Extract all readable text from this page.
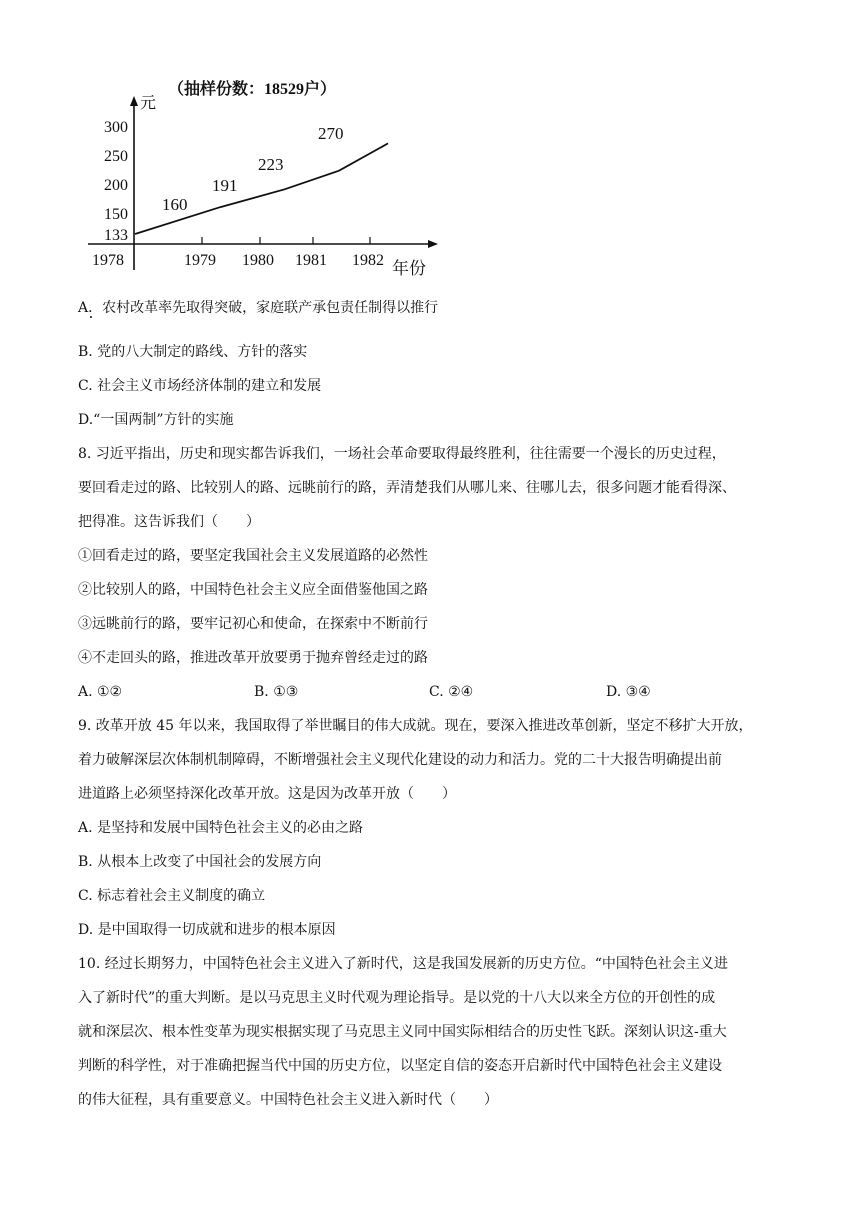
（抽样份数：18529户）
元
年份
300
250
200
150
133
1978	1979 1980 1981 1982
160
191
223
270
A．农村改革率先取得突破，家庭联产承包责任制得以推行
B. 党的八大制定的路线、方针的落实
C. 社会主义市场经济体制的建立和发展
D.“一国两制”方针的实施
8. 习近平指出，历史和现实都告诉我们，一场社会革命要取得最终胜利，往往需要一个漫长的历史过程，
要回看走过的路、比较别人的路、远眺前行的路，弄清楚我们从哪儿来、往哪儿去，很多问题才能看得深、
把得准。这告诉我们（　　）
①回看走过的路，要坚定我国社会主义发展道路的必然性
②比较别人的路，中国特色社会主义应全面借鉴他国之路
③远眺前行的路，要牢记初心和使命，在探索中不断前行
④不走回头的路，推进改革开放要勇于抛弃曾经走过的路
A. ①②	B. ①③	C. ②④	D. ③④
9. 改革开放 45 年以来，我国取得了举世瞩目的伟大成就。现在，要深入推进改革创新，坚定不移扩大开放，
着力破解深层次体制机制障碍，不断增强社会主义现代化建设的动力和活力。党的二十大报告明确提出前
进道路上必须坚持深化改革开放。这是因为改革开放（　　）
A. 是坚持和发展中国特色社会主义的必由之路
B. 从根本上改变了中国社会的发展方向
C. 标志着社会主义制度的确立
D. 是中国取得一切成就和进步的根本原因
10. 经过长期努力，中国特色社会主义进入了新时代，这是我国发展新的历史方位。“中国特色社会主义进
入了新时代”的重大判断。是以马克思主义时代观为理论指导。是以党的十八大以来全方位的开创性的成
就和深层次、根本性变革为现实根据实现了马克思主义同中国实际相结合的历史性飞跃。深刻认识这-重大
判断的科学性，对于准确把握当代中国的历史方位，以坚定自信的姿态开启新时代中国特色社会主义建设
的伟大征程，具有重要意义。中国特色社会主义进入新时代（　　）
